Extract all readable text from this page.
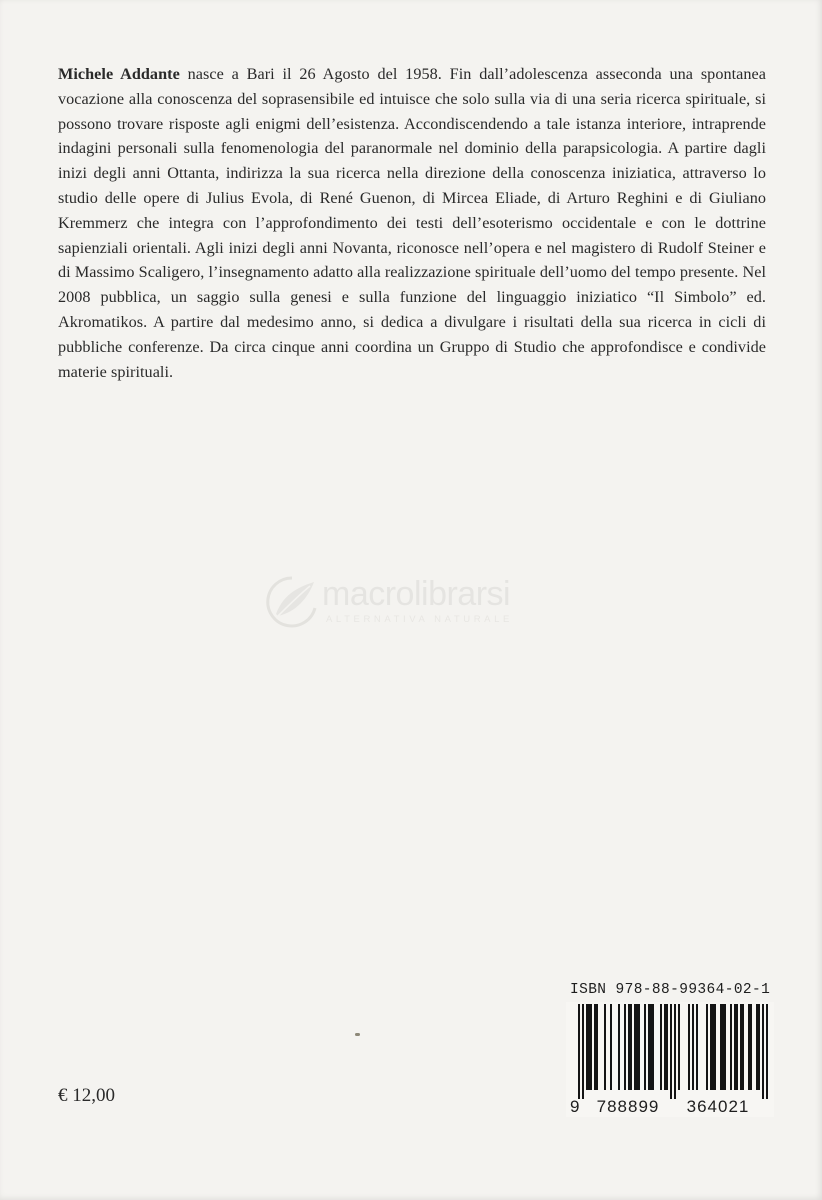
Michele Addante nasce a Bari il 26 Agosto del 1958. Fin dall’adolescenza asseconda una spontanea vocazione alla conoscenza del soprasensibile ed intuisce che solo sulla via di una seria ricerca spirituale, si possono trovare risposte agli enigmi dell’esistenza. Accondiscendendo a tale istanza interiore, intraprende indagini personali sulla fenomenologia del paranormale nel dominio della parapsicologia. A partire dagli inizi degli anni Ottanta, indirizza la sua ricerca nella direzione della conoscenza iniziatica, attraverso lo studio delle opere di Julius Evola, di René Guenon, di Mircea Eliade, di Arturo Reghini e di Giuliano Kremmerz che integra con l’approfondimento dei testi dell’esoterismo occidentale e con le dottrine sapienziali orientali. Agli inizi degli anni Novanta, riconosce nell’opera e nel magistero di Rudolf Steiner e di Massimo Scaligero, l’insegnamento adatto alla realizzazione spirituale dell’uomo del tempo presente. Nel 2008 pubblica, un saggio sulla genesi e sulla funzione del linguaggio iniziatico “Il Simbolo” ed. Akromatikos. A partire dal medesimo anno, si dedica a divulgare i risultati della sua ricerca in cicli di pubbliche conferenze. Da circa cinque anni coordina un Gruppo di Studio che approfondisce e condivide materie spirituali.

macrolibrarsi
ALTERNATIVA NATURALE
ISBN 978-88-99364-02-1
9 788899 364021
€ 12,00
